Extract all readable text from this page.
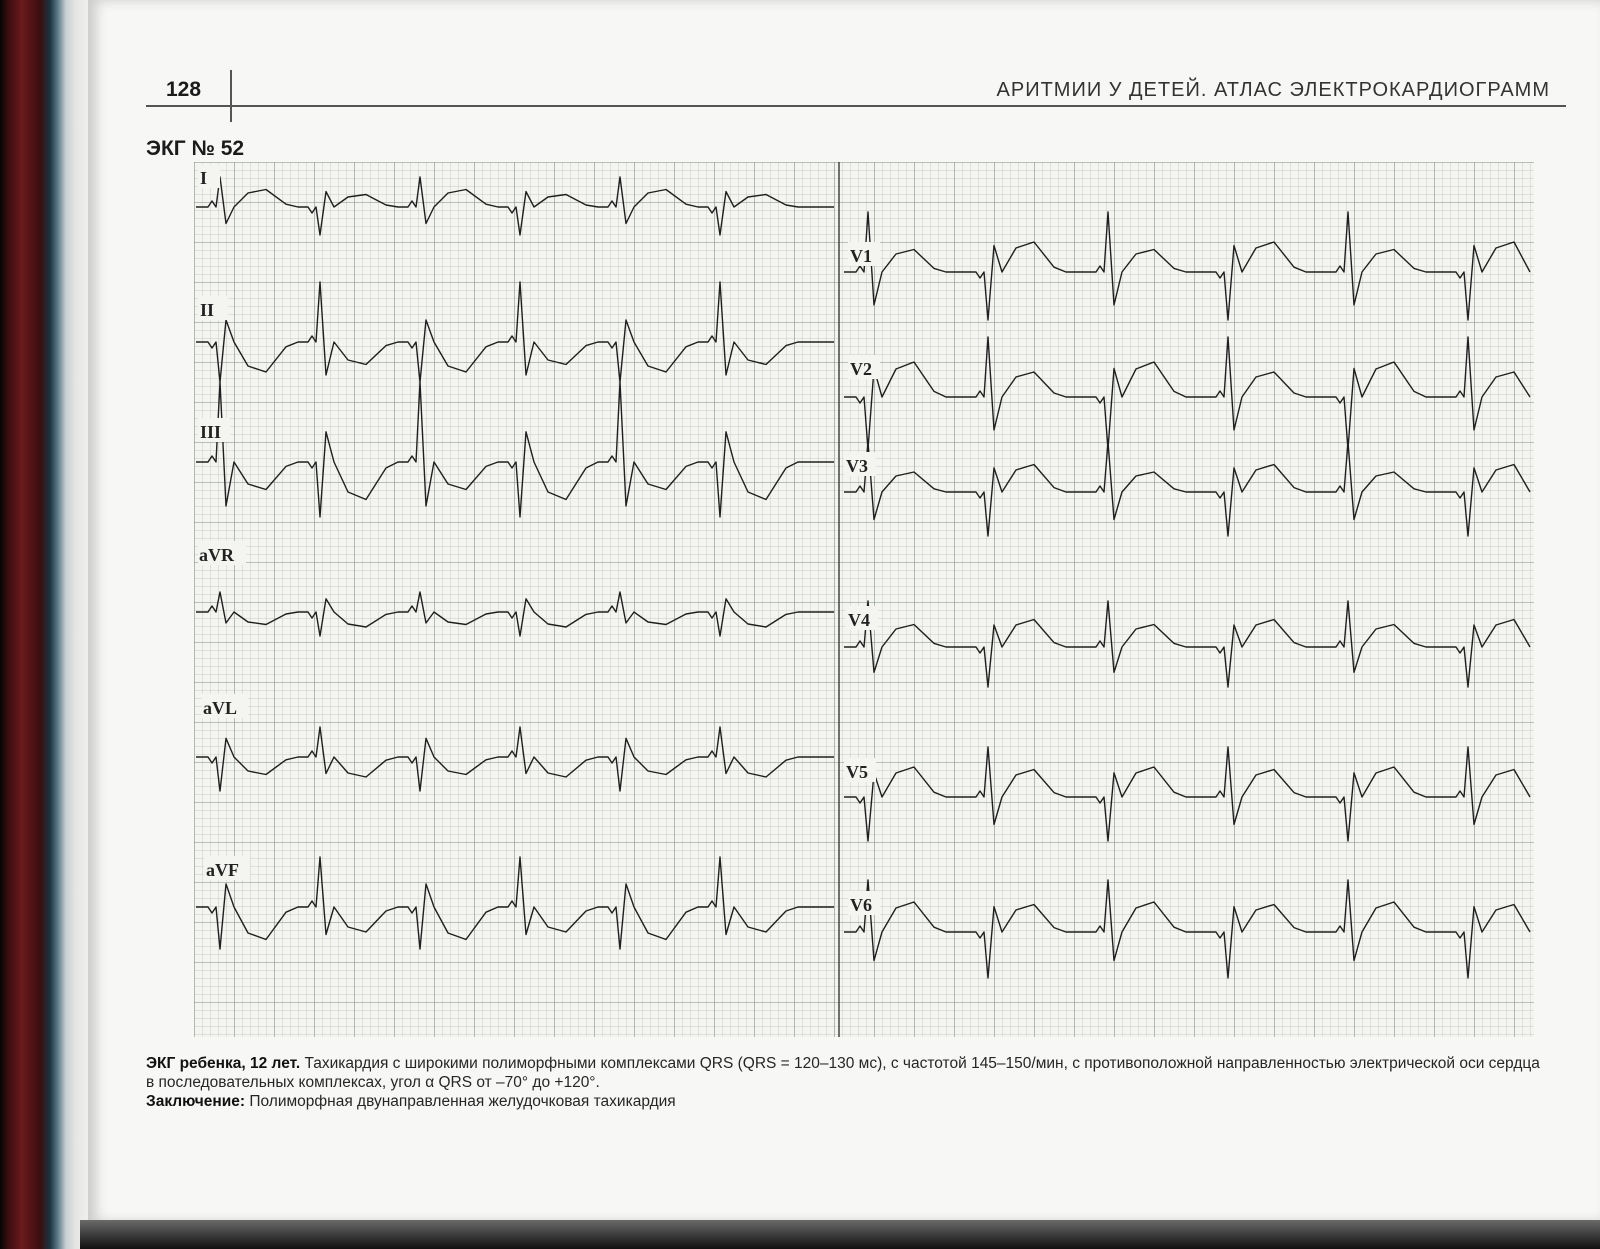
128	АРИТМИИ У ДЕТЕЙ. АТЛАС ЭЛЕКТРОКАРДИОГРАММ
ЭКГ № 52
I
II
III
aVR
aVL
aVF
V1
V2
V3
V4
V5
V6
ЭКГ ребенка, 12 лет. Тахикардия с широкими полиморфными комплексами QRS (QRS = 120–130 мс), с частотой 145–150/мин, с противоположной направленностью электрической оси сердца в последовательных комплексах, угол α QRS от –70° до +120°.
Заключение: Полиморфная двунаправленная желудочковая тахикардия
